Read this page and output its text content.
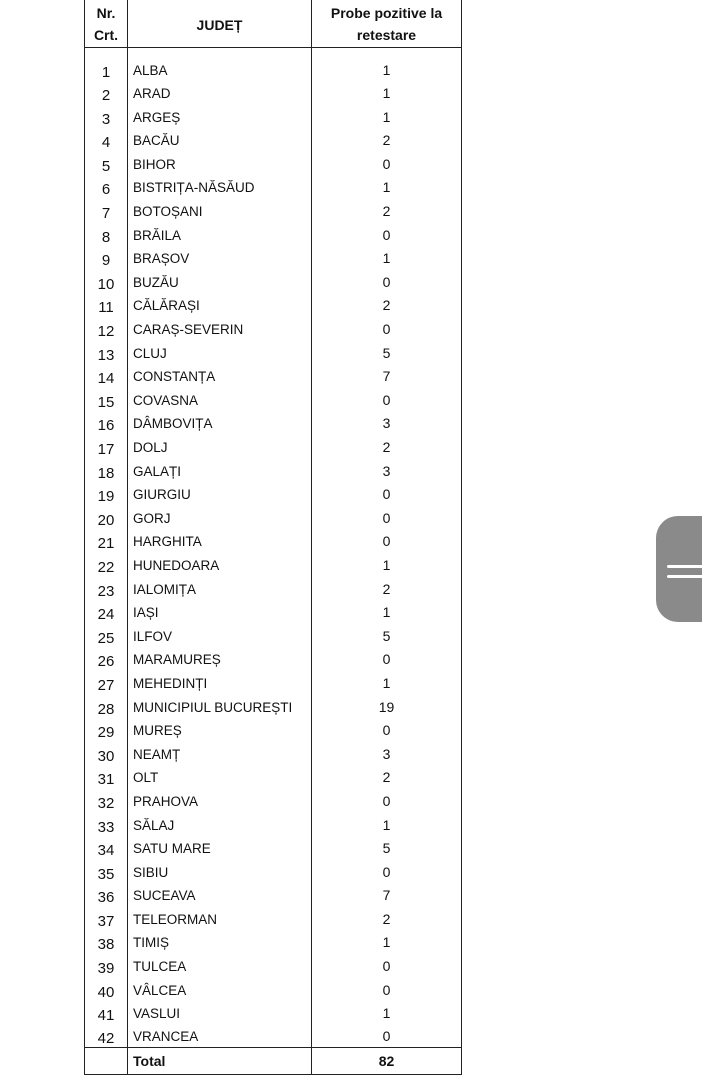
Nr. Crt.	JUDEȚ	Probe pozitive la retestare
1	ALBA	1
2	ARAD	1
3	ARGEȘ	1
4	BACĂU	2
5	BIHOR	0
6	BISTRIȚA-NĂSĂUD	1
7	BOTOȘANI	2
8	BRĂILA	0
9	BRAȘOV	1
10	BUZĂU	0
11	CĂLĂRAȘI	2
12	CARAȘ-SEVERIN	0
13	CLUJ	5
14	CONSTANȚA	7
15	COVASNA	0
16	DÂMBOVIȚA	3
17	DOLJ	2
18	GALAȚI	3
19	GIURGIU	0
20	GORJ	0
21	HARGHITA	0
22	HUNEDOARA	1
23	IALOMIȚA	2
24	IAȘI	1
25	ILFOV	5
26	MARAMUREȘ	0
27	MEHEDINȚI	1
28	MUNICIPIUL BUCUREȘTI	19
29	MUREȘ	0
30	NEAMȚ	3
31	OLT	2
32	PRAHOVA	0
33	SĂLAJ	1
34	SATU MARE	5
35	SIBIU	0
36	SUCEAVA	7
37	TELEORMAN	2
38	TIMIȘ	1
39	TULCEA	0
40	VÂLCEA	0
41	VASLUI	1
42	VRANCEA	0
	Total	82
